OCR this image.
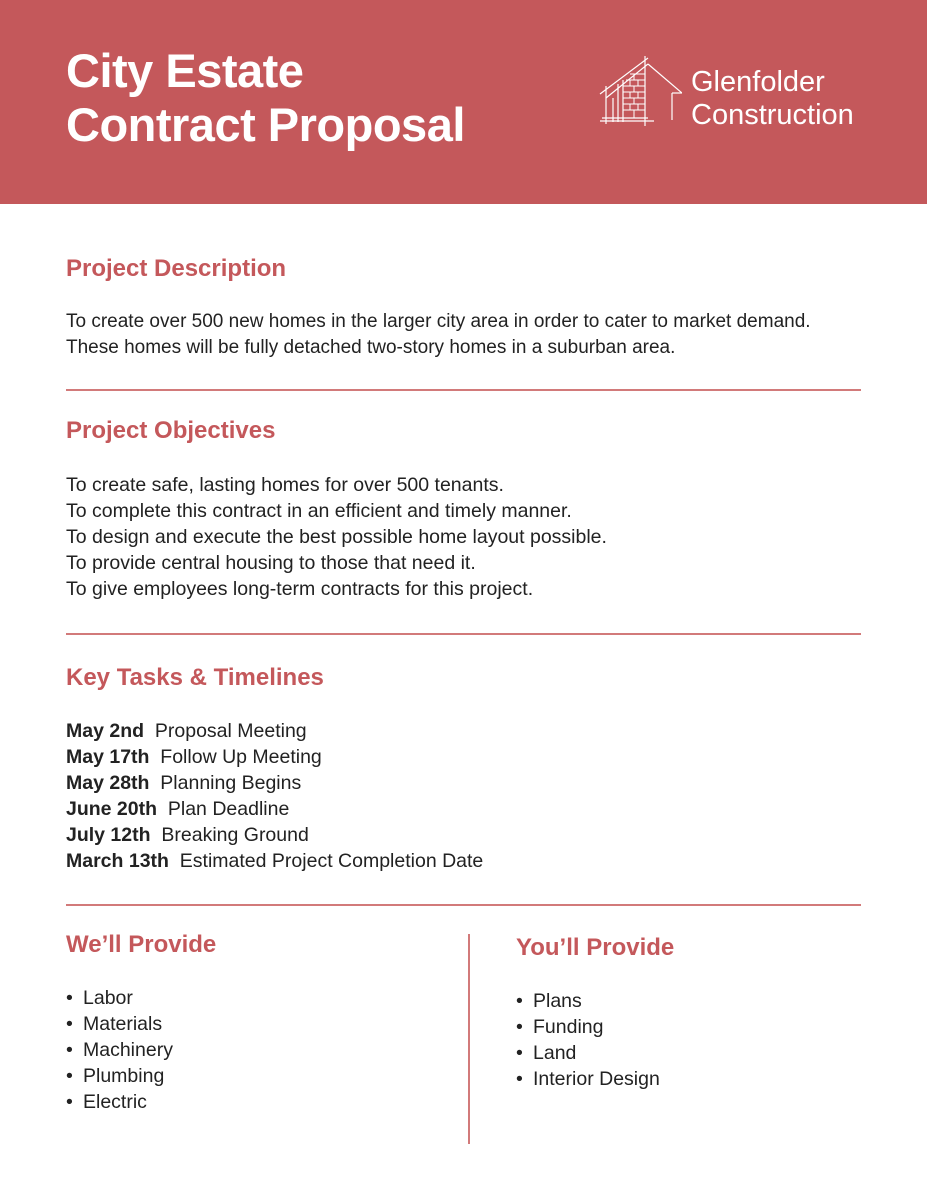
City Estate
Contract Proposal
Glenfolder
Construction
Project Description
To create over 500 new homes in the larger city area in order to cater to market demand.
These homes will be fully detached two-story homes in a suburban area.
Project Objectives
To create safe, lasting homes for over 500 tenants.
To complete this contract in an efficient and timely manner.
To design and execute the best possible home layout possible.
To provide central housing to those that need it.
To give employees long-term contracts for this project.
Key Tasks & Timelines
May 2nd Proposal Meeting
May 17th Follow Up Meeting
May 28th Planning Begins
June 20th Plan Deadline
July 12th Breaking Ground
March 13th Estimated Project Completion Date
We’ll Provide
• Labor
• Materials
• Machinery
• Plumbing
• Electric
You’ll Provide
• Plans
• Funding
• Land
• Interior Design
